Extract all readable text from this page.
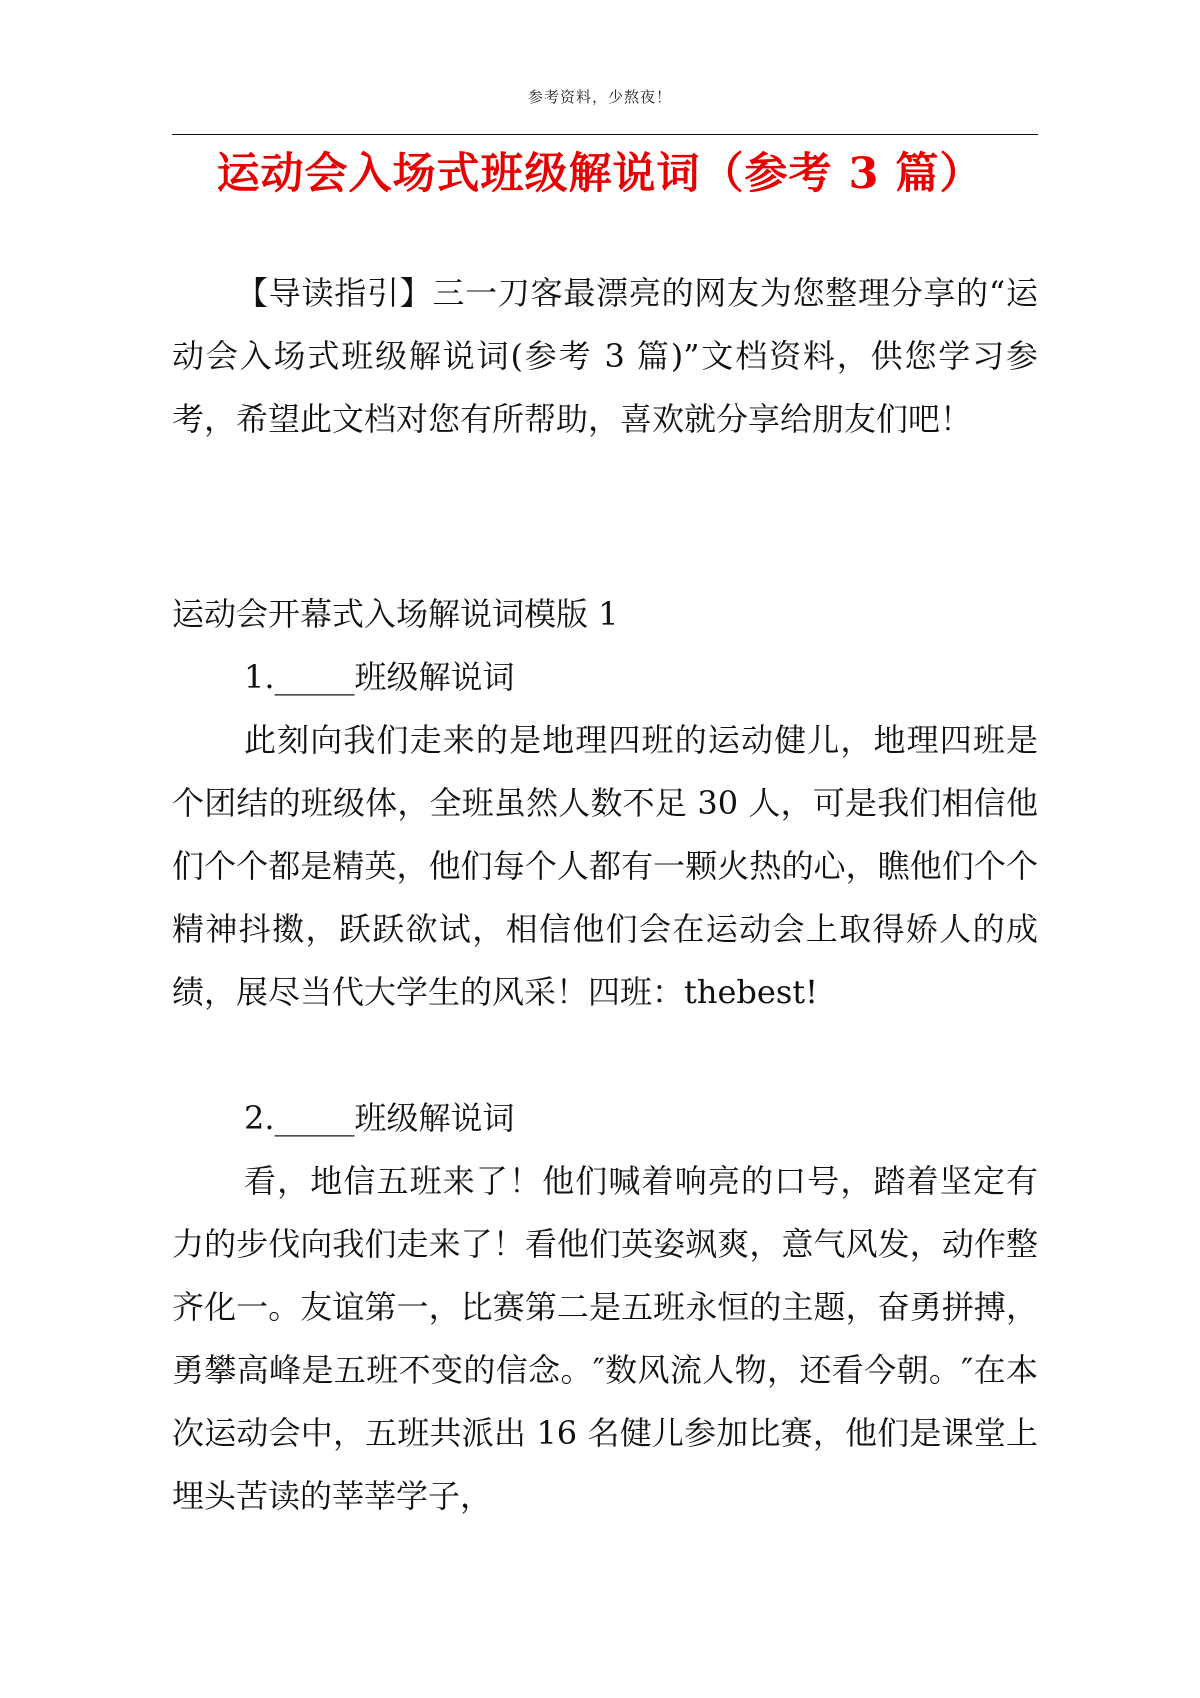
参考资料，少熬夜！
运动会入场式班级解说词（参考 3 篇）
【导读指引】三一刀客最漂亮的网友为您整理分享的“运动会入场式班级解说词(参考 3 篇)”文档资料，供您学习参考，希望此文档对您有所帮助，喜欢就分享给朋友们吧！
运动会开幕式入场解说词模版 1
1._____班级解说词
此刻向我们走来的是地理四班的运动健儿，地理四班是个团结的班级体，全班虽然人数不足 30 人，可是我们相信他们个个都是精英，他们每个人都有一颗火热的心，瞧他们个个精神抖擞，跃跃欲试，相信他们会在运动会上取得娇人的成绩，展尽当代大学生的风采！四班：thebest!
2._____班级解说词
看，地信五班来了！他们喊着响亮的口号，踏着坚定有力的步伐向我们走来了！看他们英姿飒爽，意气风发，动作整齐化一。友谊第一，比赛第二是五班永恒的主题，奋勇拼搏，勇攀高峰是五班不变的信念。″数风流人物，还看今朝。″在本次运动会中，五班共派出 16 名健儿参加比赛，他们是课堂上埋头苦读的莘莘学子，
